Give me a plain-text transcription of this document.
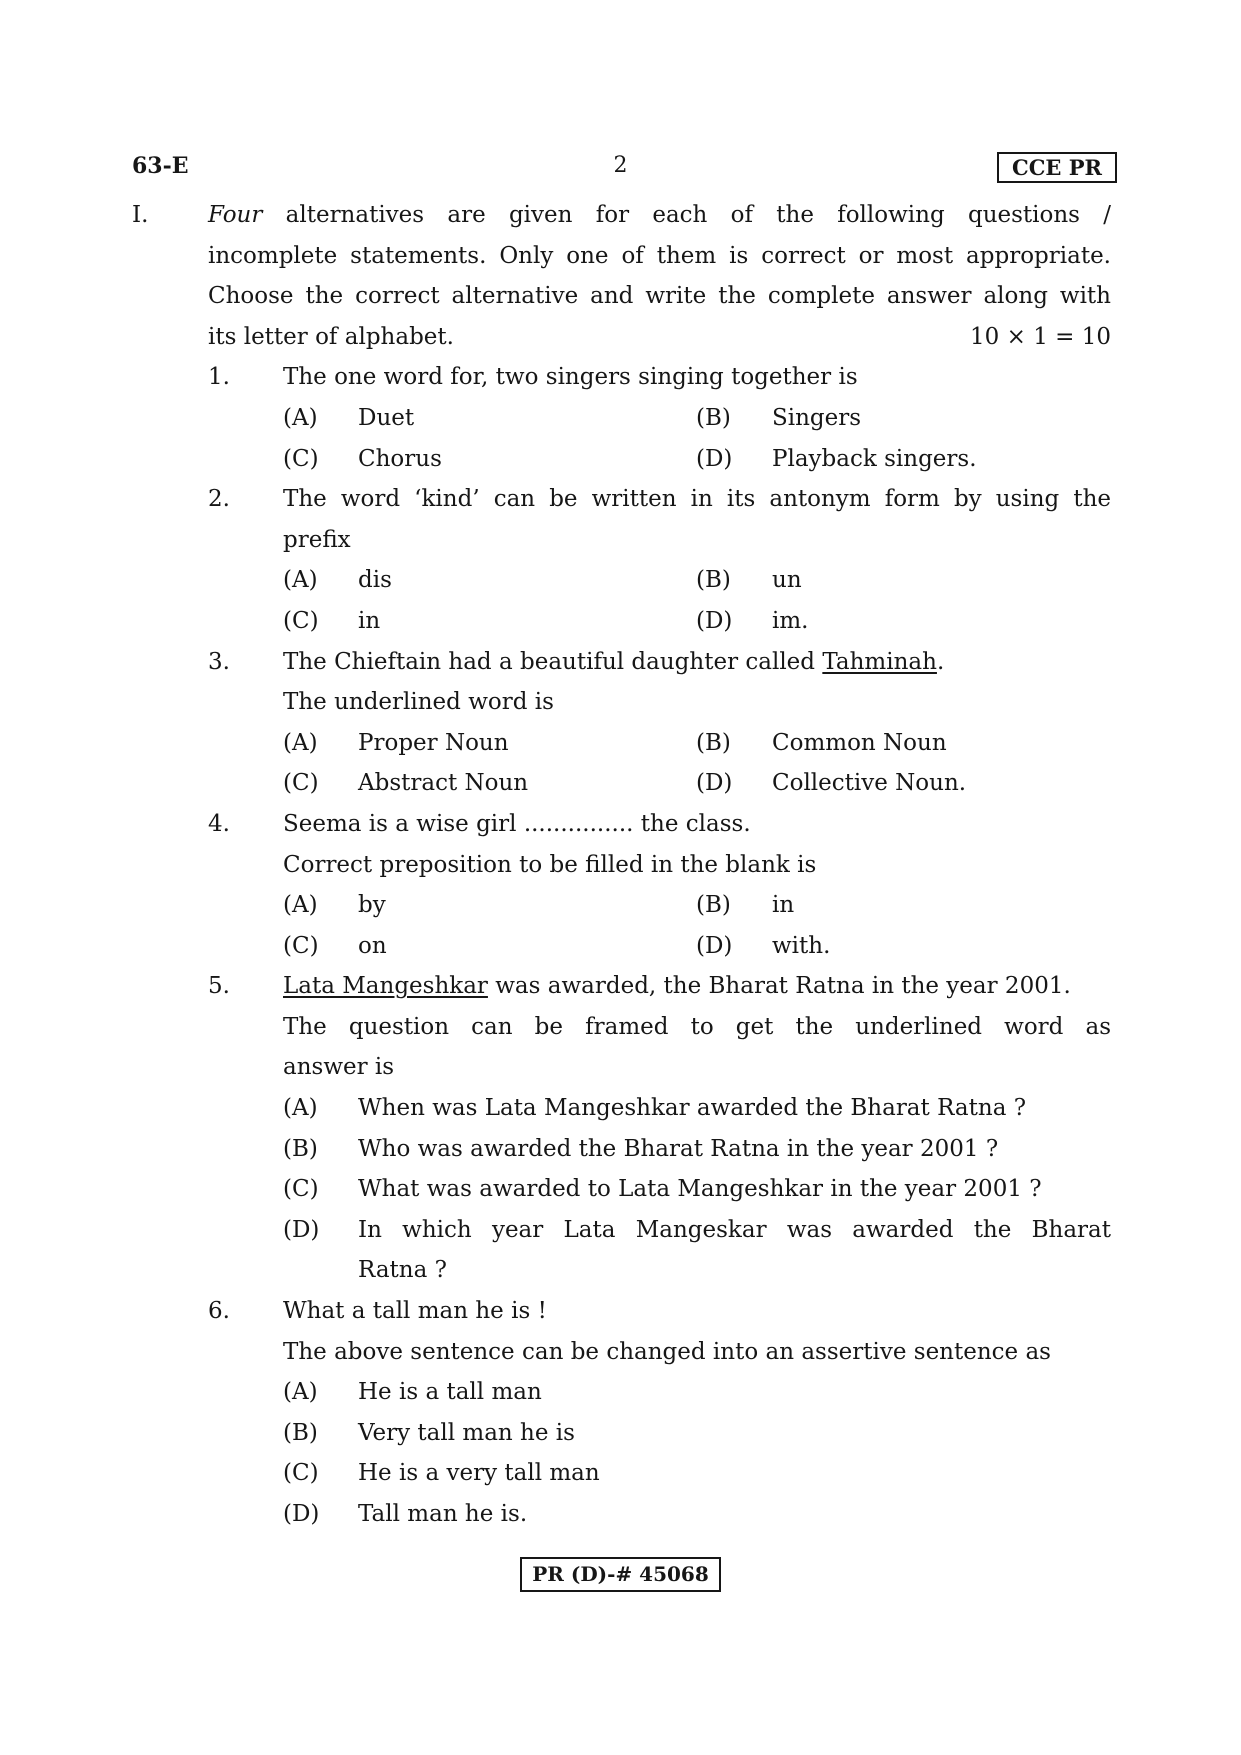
63-E	2	CCE PR
I.	Four alternatives are given for each of the following questions /
incomplete statements. Only one of them is correct or most appropriate.
Choose the correct alternative and write the complete answer along with
its letter of alphabet.	10 × 1 = 10
1. The one word for, two singers singing together is
(A) Duet	(B) Singers
(C) Chorus	(D) Playback singers.
2. The word ‘kind’ can be written in its antonym form by using the
prefix
(A) dis	(B) un
(C) in	(D) im.
3. The Chieftain had a beautiful daughter called Tahminah.
The underlined word is
(A) Proper Noun	(B) Common Noun
(C) Abstract Noun	(D) Collective Noun.
4. Seema is a wise girl ............... the class.
Correct preposition to be filled in the blank is
(A) by	(B) in
(C) on	(D) with.
5. Lata Mangeshkar was awarded, the Bharat Ratna in the year 2001.
The question can be framed to get the underlined word as
answer is
(A) When was Lata Mangeshkar awarded the Bharat Ratna ?
(B) Who was awarded the Bharat Ratna in the year 2001 ?
(C) What was awarded to Lata Mangeshkar in the year 2001 ?
(D) In which year Lata Mangeskar was awarded the Bharat
Ratna ?
6. What a tall man he is !
The above sentence can be changed into an assertive sentence as
(A) He is a tall man
(B) Very tall man he is
(C) He is a very tall man
(D) Tall man he is.
PR (D)-# 45068
